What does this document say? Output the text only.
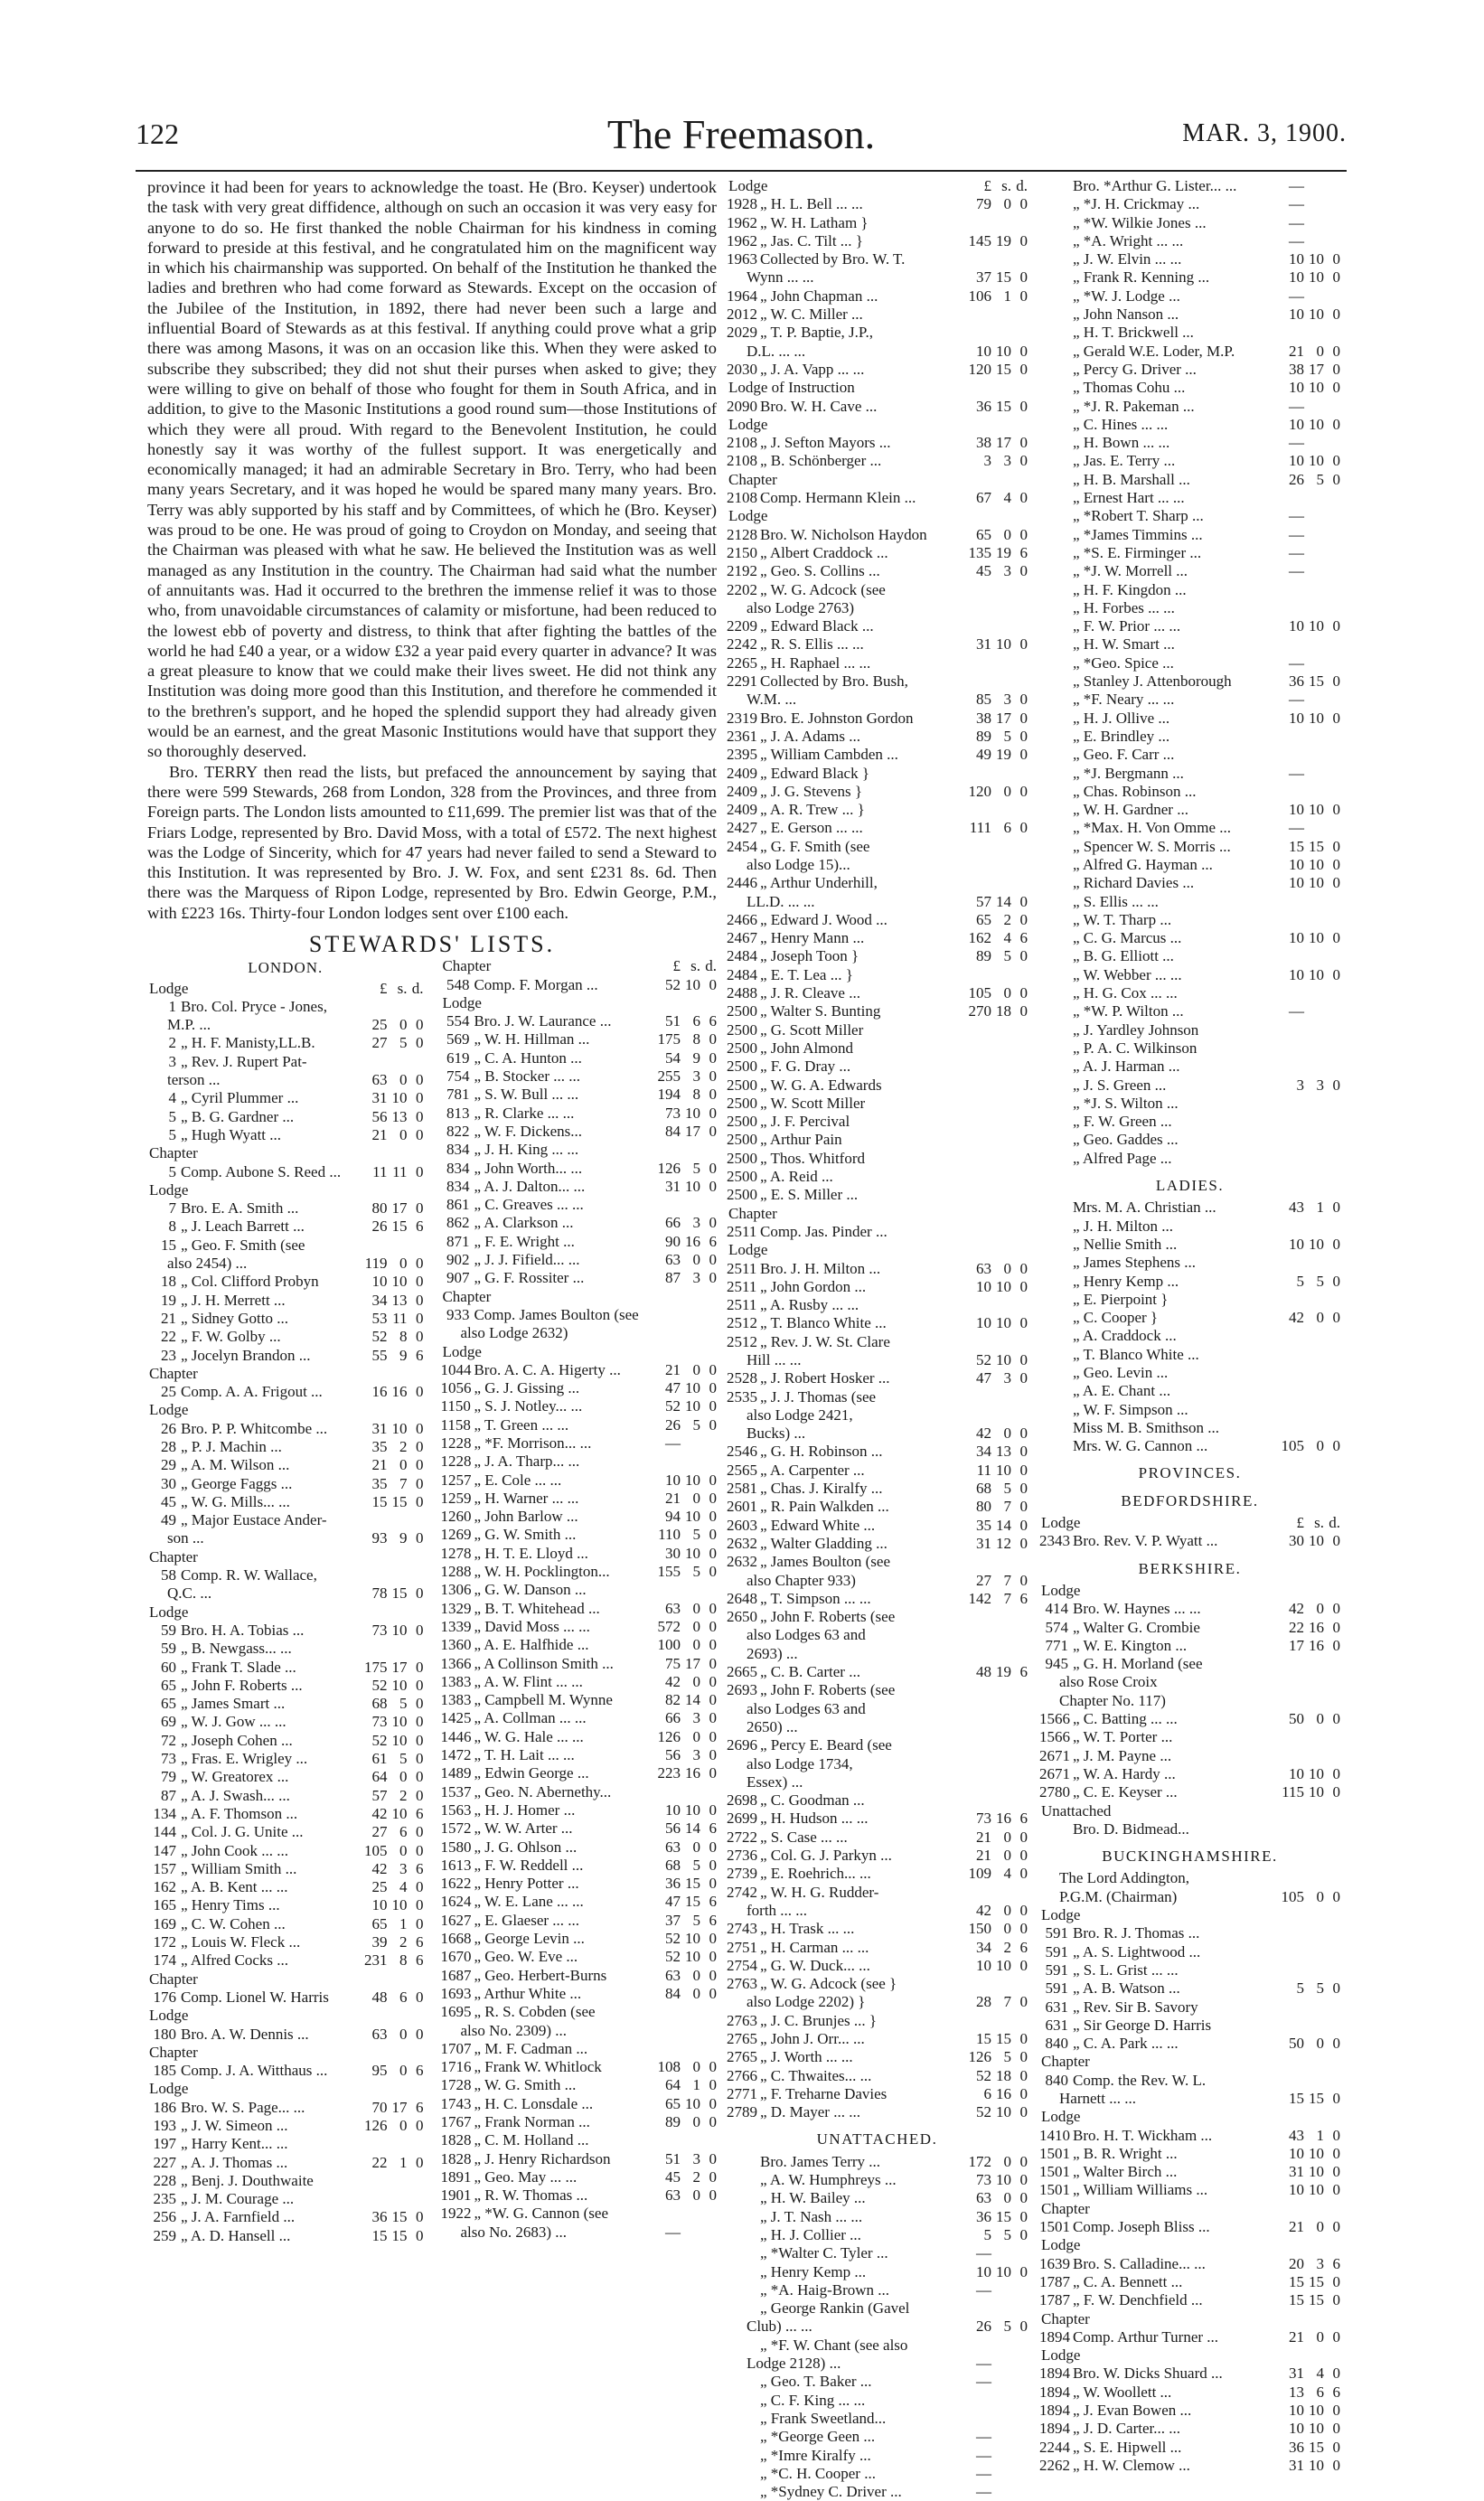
122	The Freemason.	MAR. 3, 1900.

province it had been for years to acknowledge the toast. He (Bro. Keyser) undertook the task with very great diffidence, although on such an occasion it was very easy for anyone to do so. He first thanked the noble Chairman for his kindness in coming forward to preside at this festival, and he congratulated him on the magnificent way in which his chairmanship was supported. On behalf of the Institution he thanked the ladies and brethren who had come forward as Stewards. Except on the occasion of the Jubilee of the Institution, in 1892, there had never been such a large and influential Board of Stewards as at this festival. If anything could prove what a grip there was among Masons, it was on an occasion like this. When they were asked to subscribe they subscribed; they did not shut their purses when asked to give; they were willing to give on behalf of those who fought for them in South Africa, and in addition, to give to the Masonic Institutions a good round sum—those Institutions of which they were all proud. With regard to the Benevolent Institution, he could honestly say it was worthy of the fullest support. It was energetically and economically managed; it had an admirable Secretary in Bro. Terry, who had been many years Secretary, and it was hoped he would be spared many many years. Bro. Terry was ably supported by his staff and by Committees, of which he (Bro. Keyser) was proud to be one. He was proud of going to Croydon on Monday, and seeing that the Chairman was pleased with what he saw. He believed the Institution was as well managed as any Institution in the country. The Chairman had said what the number of annuitants was. Had it occurred to the brethren the immense relief it was to those who, from unavoidable circumstances of calamity or misfortune, had been reduced to the lowest ebb of poverty and distress, to think that after fighting the battles of the world he had £40 a year, or a widow £32 a year paid every quarter in advance? It was a great pleasure to know that we could make their lives sweet. He did not think any Institution was doing more good than this Institution, and therefore he commended it to the brethren's support, and he hoped the splendid support they had already given would be an earnest, and the great Masonic Institutions would have that support they so thoroughly deserved.

Bro. TERRY then read the lists, but prefaced the announcement by saying that there were 599 Stewards, 268 from London, 328 from the Provinces, and three from Foreign parts. The London lists amounted to £11,699. The premier list was that of the Friars Lodge, represented by Bro. David Moss, with a total of £572. The next highest was the Lodge of Sincerity, which for 47 years had never failed to send a Steward to this Institution. It was represented by Bro. J. W. Fox, and sent £231 8s. 6d. Then there was the Marquess of Ripon Lodge, represented by Bro. Edwin George, P.M., with £223 16s. Thirty-four London lodges sent over £100 each.

STEWARDS' LISTS.
LONDON.
Lodge	£ s. d.
1 Bro. Col. Pryce - Jones,
M.P. ...	25 0 0
2 „ H. F. Manisty,LL.B.	27 5 0
3 „ Rev. J. Rupert Pat-
terson ...	63 0 0
4 „ Cyril Plummer ...	31 10 0
5 „ B. G. Gardner ...	56 13 0
5 „ Hugh Wyatt ...	21 0 0
Chapter
5 Comp. Aubone S. Reed ...	11 11 0
Lodge
7 Bro. E. A. Smith ...	80 17 0
8 „ J. Leach Barrett ...	26 15 6
15 „ Geo. F. Smith (see
also 2454) ...	119 0 0
18 „ Col. Clifford Probyn	10 10 0
19 „ J. H. Merrett ...	34 13 0
21 „ Sidney Gotto ...	53 11 0
22 „ F. W. Golby ...	52 8 0
23 „ Jocelyn Brandon ...	55 9 6
Chapter
25 Comp. A. A. Frigout ...	16 16 0
Lodge
26 Bro. P. P. Whitcombe ...	31 10 0
28 „ P. J. Machin ...	35 2 0
29 „ A. M. Wilson ...	21 0 0
30 „ George Faggs ...	35 7 0
45 „ W. G. Mills... ...	15 15 0
49 „ Major Eustace Ander-
son ...	93 9 0
Chapter
58 Comp. R. W. Wallace,
Q.C. ...	78 15 0
Lodge
59 Bro. H. A. Tobias ...	73 10 0
59 „ B. Newgass... ...
60 „ Frank T. Slade ...	175 17 0
65 „ John F. Roberts ...	52 10 0
65 „ James Smart ...	68 5 0
69 „ W. J. Gow ... ...	73 10 0
72 „ Joseph Cohen ...	52 10 0
73 „ Fras. E. Wrigley ...	61 5 0
79 „ W. Greatorex ...	64 0 0
87 „ A. J. Swash... ...	57 2 0
134 „ A. F. Thomson ...	42 10 6
144 „ Col. J. G. Unite ...	27 6 0
147 „ John Cook ... ...	105 0 0
157 „ William Smith ...	42 3 6
162 „ A. B. Kent ... ...	25 4 0
165 „ Henry Tims ...	10 10 0
169 „ C. W. Cohen ...	65 1 0
172 „ Louis W. Fleck ...	39 2 6
174 „ Alfred Cocks ...	231 8 6
Chapter
176 Comp. Lionel W. Harris	48 6 0
Lodge
180 Bro. A. W. Dennis ...	63 0 0
Chapter
185 Comp. J. A. Witthaus ...	95 0 6
Lodge
186 Bro. W. S. Page... ...	70 17 6
193 „ J. W. Simeon ...	126 0 0
197 „ Harry Kent... ...
227 „ A. J. Thomas ...	22 1 0
228 „ Benj. J. Douthwaite
235 „ J. M. Courage ...
256 „ J. A. Farnfield ...	36 15 0
259 „ A. D. Hansell ...	15 15 0
Chapter	£ s. d.
548 Comp. F. Morgan ...	52 10 0
Lodge
554 Bro. J. W. Laurance ...	51 6 6
569 „ W. H. Hillman ...	175 8 0
619 „ C. A. Hunton ...	54 9 0
754 „ B. Stocker ... ...	255 3 0
781 „ S. W. Bull ... ...	194 8 0
813 „ R. Clarke ... ...	73 10 0
822 „ W. F. Dickens...	84 17 0
834 „ J. H. King ... ...
834 „ John Worth... ...	126 5 0
834 „ A. J. Dalton... ...	31 10 0
861 „ C. Greaves ... ...
862 „ A. Clarkson ...	66 3 0
871 „ F. E. Wright ...	90 16 6
902 „ J. J. Fifield... ...	63 0 0
907 „ G. F. Rossiter ...	87 3 0
Chapter
933 Comp. James Boulton (see
also Lodge 2632)
Lodge
1044 Bro. A. C. A. Higerty ...	21 0 0
1056 „ G. J. Gissing ...	47 10 0
1150 „ S. J. Notley... ...	52 10 0
1158 „ T. Green ... ...	26 5 0
1228 „ *F. Morrison... ...	—
1228 „ J. A. Tharp... ...
1257 „ E. Cole ... ...	10 10 0
1259 „ H. Warner ... ...	21 0 0
1260 „ John Barlow ...	94 10 0
1269 „ G. W. Smith ...	110 5 0
1278 „ H. T. E. Lloyd ...	30 10 0
1288 „ W. H. Pocklington...	155 5 0
1306 „ G. W. Danson ...
1329 „ B. T. Whitehead ...	63 0 0
1339 „ David Moss ... ...	572 0 0
1360 „ A. E. Halfhide ...	100 0 0
1366 „ A Collinson Smith ...	75 17 0
1383 „ A. W. Flint ... ...	42 0 0
1383 „ Campbell M. Wynne	82 14 0
1425 „ A. Collman ... ...	66 3 0
1446 „ W. G. Hale ... ...	126 0 0
1472 „ T. H. Lait ... ...	56 3 0
1489 „ Edwin George ...	223 16 0
1537 „ Geo. N. Abernethy...
1563 „ H. J. Homer ...	10 10 0
1572 „ W. W. Arter ...	56 14 6
1580 „ J. G. Ohlson ...	63 0 0
1613 „ F. W. Reddell ...	68 5 0
1622 „ Henry Potter ...	36 15 0
1624 „ W. E. Lane ... ...	47 15 6
1627 „ E. Glaeser ... ...	37 5 6
1668 „ George Levin ...	52 10 0
1670 „ Geo. W. Eve ...	52 10 0
1687 „ Geo. Herbert-Burns	63 0 0
1693 „ Arthur White ...	84 0 0
1695 „ R. S. Cobden (see
also No. 2309) ...
1707 „ M. F. Cadman ...
1716 „ Frank W. Whitlock	108 0 0
1728 „ W. G. Smith ...	64 1 0
1743 „ H. C. Lonsdale ...	65 10 0
1767 „ Frank Norman ...	89 0 0
1828 „ C. M. Holland ...
1828 „ J. Henry Richardson	51 3 0
1891 „ Geo. May ... ...	45 2 0
1901 „ R. W. Thomas ...	63 0 0
1922 „ *W. G. Cannon (see
also No. 2683) ...	—
Lodge	£ s. d.
1928 „ H. L. Bell ... ...	79 0 0
1962 „ W. H. Latham }
1962 „ Jas. C. Tilt ... }	145 19 0
1963 Collected by Bro. W. T.
Wynn ... ...	37 15 0
1964 „ John Chapman ...	106 1 0
2012 „ W. C. Miller ...
2029 „ T. P. Baptie, J.P.,
D.L. ... ...	10 10 0
2030 „ J. A. Vapp ... ...	120 15 0
Lodge of Instruction
2090 Bro. W. H. Cave ...	36 15 0
Lodge
2108 „ J. Sefton Mayors ...	38 17 0
2108 „ B. Schönberger ...	3 3 0
Chapter
2108 Comp. Hermann Klein ...	67 4 0
Lodge
2128 Bro. W. Nicholson Haydon	65 0 0
2150 „ Albert Craddock ...	135 19 6
2192 „ Geo. S. Collins ...	45 3 0
2202 „ W. G. Adcock (see
also Lodge 2763)
2209 „ Edward Black ...
2242 „ R. S. Ellis ... ...	31 10 0
2265 „ H. Raphael ... ...
2291 Collected by Bro. Bush,
W.M. ...	85 3 0
2319 Bro. E. Johnston Gordon	38 17 0
2361 „ J. A. Adams ...	89 5 0
2395 „ William Cambden ...	49 19 0
2409 „ Edward Black }
2409 „ J. G. Stevens }	120 0 0
2409 „ A. R. Trew ... }
2427 „ E. Gerson ... ...	111 6 0
2454 „ G. F. Smith (see
also Lodge 15)...
2446 „ Arthur Underhill,
LL.D. ... ...	57 14 0
2466 „ Edward J. Wood ...	65 2 0
2467 „ Henry Mann ...	162 4 6
2484 „ Joseph Toon }	89 5 0
2484 „ E. T. Lea ... }
2488 „ J. R. Cleave ...	105 0 0
2500 „ Walter S. Bunting	270 18 0
2500 „ G. Scott Miller
2500 „ John Almond
2500 „ F. G. Dray ...
2500 „ W. G. A. Edwards
2500 „ W. Scott Miller
2500 „ J. F. Percival
2500 „ Arthur Pain
2500 „ Thos. Whitford
2500 „ A. Reid ...
2500 „ E. S. Miller ...
Chapter
2511 Comp. Jas. Pinder ...
Lodge
2511 Bro. J. H. Milton ...	63 0 0
2511 „ John Gordon ...	10 10 0
2511 „ A. Rusby ... ...
2512 „ T. Blanco White ...	10 10 0
2512 „ Rev. J. W. St. Clare
Hill ... ...	52 10 0
2528 „ J. Robert Hosker ...	47 3 0
2535 „ J. J. Thomas (see
also Lodge 2421,
Bucks) ...	42 0 0
2546 „ G. H. Robinson ...	34 13 0
2565 „ A. Carpenter ...	11 10 0
2581 „ Chas. J. Kiralfy ...	68 5 0
2601 „ R. Pain Walkden ...	80 7 0
2603 „ Edward White ...	35 14 0
2632 „ Walter Gladding ...	31 12 0
2632 „ James Boulton (see
also Chapter 933)	27 7 0
2648 „ T. Simpson ... ...	142 7 6
2650 „ John F. Roberts (see
also Lodges 63 and
2693) ...
2665 „ C. B. Carter ...	48 19 6
2693 „ John F. Roberts (see
also Lodges 63 and
2650) ...
2696 „ Percy E. Beard (see
also Lodge 1734,
Essex) ...
2698 „ C. Goodman ...
2699 „ H. Hudson ... ...	73 16 6
2722 „ S. Case ... ...	21 0 0
2736 „ Col. G. J. Parkyn ...	21 0 0
2739 „ E. Roehrich... ...	109 4 0
2742 „ W. H. G. Rudder-
forth ... ...	42 0 0
2743 „ H. Trask ... ...	150 0 0
2751 „ H. Carman ... ...	34 2 6
2754 „ G. W. Duck... ...	10 10 0
2763 „ W. G. Adcock (see }
also Lodge 2202) }	28 7 0
2763 „ J. C. Brunjes ... }
2765 „ John J. Orr... ...	15 15 0
2765 „ J. Worth ... ...	126 5 0
2766 „ C. Thwaites... ...	52 18 0
2771 „ F. Treharne Davies	6 16 0
2789 „ D. Mayer ... ...	52 10 0
UNATTACHED.
Bro. James Terry ...	172 0 0
„ A. W. Humphreys ...	73 10 0
„ H. W. Bailey ...	63 0 0
„ J. T. Nash ... ...	36 15 0
„ H. J. Collier ...	5 5 0
„ *Walter C. Tyler ...	—
„ Henry Kemp ...	10 10 0
„ *A. Haig-Brown ...	—
„ George Rankin (Gavel
Club) ... ...	26 5 0
„ *F. W. Chant (see also
Lodge 2128) ...	—
„ Geo. T. Baker ...	—
„ C. F. King ... ...
„ Frank Sweetland...
„ *George Geen ...	—
„ *Imre Kiralfy ...	—
„ *C. H. Cooper ...	—
„ *Sydney C. Driver ...	—
Bro. *Arthur G. Lister... ...	—
„ *J. H. Crickmay ...	—
„ *W. Wilkie Jones ...	—
„ *A. Wright ... ...	—
„ J. W. Elvin ... ...	10 10 0
„ Frank R. Kenning ...	10 10 0
„ *W. J. Lodge ...	—
„ John Nanson ...	10 10 0
„ H. T. Brickwell ...
„ Gerald W.E. Loder, M.P.	21 0 0
„ Percy G. Driver ...	38 17 0
„ Thomas Cohu ...	10 10 0
„ *J. R. Pakeman ...	—
„ C. Hines ... ...	10 10 0
„ H. Bown ... ...	—
„ Jas. E. Terry ...	10 10 0
„ H. B. Marshall ...	26 5 0
„ Ernest Hart ... ...
„ *Robert T. Sharp ...	—
„ *James Timmins ...	—
„ *S. E. Firminger ...	—
„ *J. W. Morrell ...	—
„ H. F. Kingdon ...
„ H. Forbes ... ...
„ F. W. Prior ... ...	10 10 0
„ H. W. Smart ...
„ *Geo. Spice ...	—
„ Stanley J. Attenborough	36 15 0
„ *F. Neary ... ...	—
„ H. J. Ollive ...	10 10 0
„ E. Brindley ...
„ Geo. F. Carr ...
„ *J. Bergmann ...	—
„ Chas. Robinson ...
„ W. H. Gardner ...	10 10 0
„ *Max. H. Von Omme ...	—
„ Spencer W. S. Morris ...	15 15 0
„ Alfred G. Hayman ...	10 10 0
„ Richard Davies ...	10 10 0
„ S. Ellis ... ...
„ W. T. Tharp ...
„ C. G. Marcus ...	10 10 0
„ B. G. Elliott ...
„ W. Webber ... ...	10 10 0
„ H. G. Cox ... ...
„ *W. P. Wilton ...	—
„ J. Yardley Johnson
„ P. A. C. Wilkinson
„ A. J. Harman ...
„ J. S. Green ...	3 3 0
„ *J. S. Wilton ...
„ F. W. Green ...
„ Geo. Gaddes ...
„ Alfred Page ...
LADIES.
Mrs. M. A. Christian ...	43 1 0
„ J. H. Milton ...
„ Nellie Smith ...	10 10 0
„ James Stephens ...
„ Henry Kemp ...	5 5 0
„ E. Pierpoint }
„ C. Cooper }	42 0 0
„ A. Craddock ...
„ T. Blanco White ...
„ Geo. Levin ...
„ A. E. Chant ...
„ W. F. Simpson ...
Miss M. B. Smithson ...
Mrs. W. G. Cannon ...	105 0 0
PROVINCES.
BEDFORDSHIRE.
Lodge	£ s. d.
2343 Bro. Rev. V. P. Wyatt ...	30 10 0
BERKSHIRE.
Lodge
414 Bro. W. Haynes ... ...	42 0 0
574 „ Walter G. Crombie	22 16 0
771 „ W. E. Kington ...	17 16 0
945 „ G. H. Morland (see
also Rose Croix
Chapter No. 117)
1566 „ C. Batting ... ...	50 0 0
1566 „ W. T. Porter ...
2671 „ J. M. Payne ...
2671 „ W. A. Hardy ...	10 10 0
2780 „ C. E. Keyser ...	115 10 0
Unattached
Bro. D. Bidmead...
BUCKINGHAMSHIRE.
The Lord Addington,
P.G.M. (Chairman)	105 0 0
Lodge
591 Bro. R. J. Thomas ...
591 „ A. S. Lightwood ...
591 „ S. L. Grist ... ...
591 „ A. B. Watson ...	5 5 0
631 „ Rev. Sir B. Savory
631 „ Sir George D. Harris
840 „ C. A. Park ... ...	50 0 0
Chapter
840 Comp. the Rev. W. L.
Harnett ... ...	15 15 0
Lodge
1410 Bro. H. T. Wickham ...	43 1 0
1501 „ B. R. Wright ...	10 10 0
1501 „ Walter Birch ...	31 10 0
1501 „ William Williams ...	10 10 0
Chapter
1501 Comp. Joseph Bliss ...	21 0 0
Lodge
1639 Bro. S. Calladine... ...	20 3 6
1787 „ C. A. Bennett ...	15 15 0
1787 „ F. W. Denchfield ...	15 15 0
Chapter
1894 Comp. Arthur Turner ...	21 0 0
Lodge
1894 Bro. W. Dicks Shuard ...	31 4 0
1894 „ W. Woollett ...	13 6 6
1894 „ J. Evan Bowen ...	10 10 0
1894 „ J. D. Carter... ...	10 10 0
2244 „ S. E. Hipwell ...	36 15 0
2262 „ H. W. Clemow ...	31 10 0
